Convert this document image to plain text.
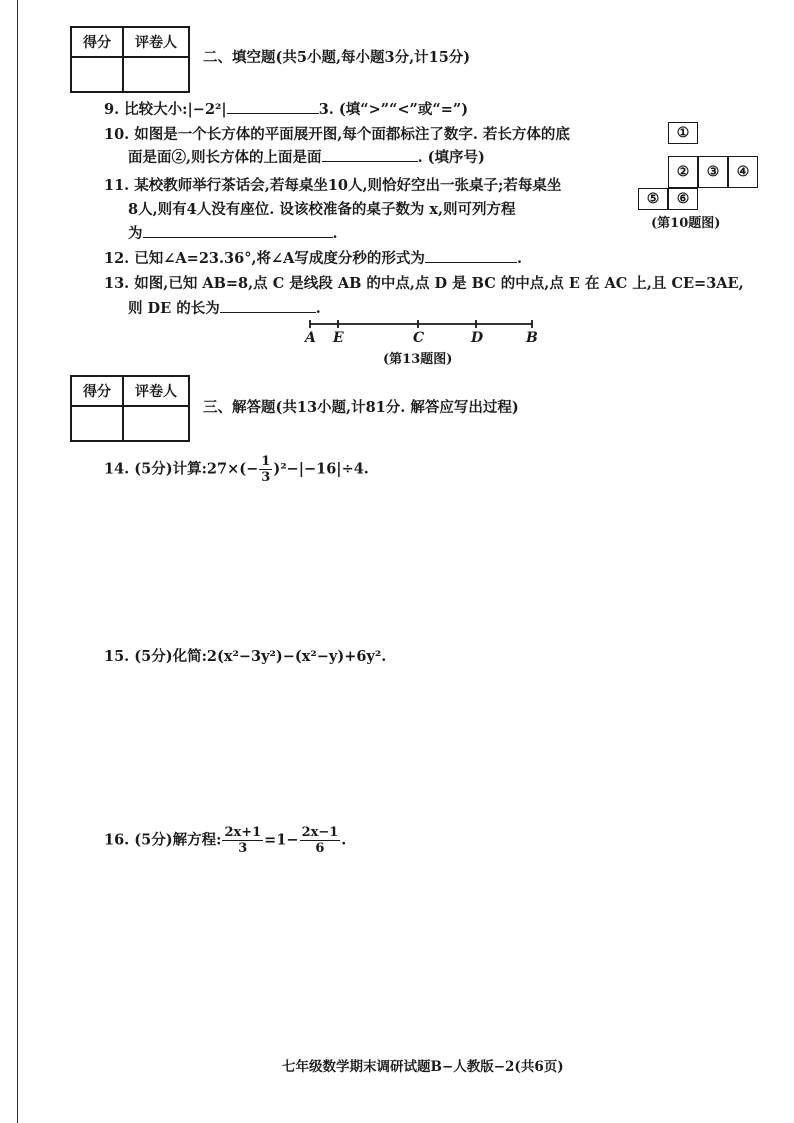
得分	评卷人

二、填空题(共5小题,每小题3分,计15分)
9. 比较大小:|−2²|	3. (填“>”“<”或“=”)
10. 如图是一个长方体的平面展开图,每个面都标注了数字. 若长方体的底
面是面②,则长方体的上面是面	. (填序号)
①
②	③	④
⑤	⑥
(第10题图)
11. 某校教师举行茶话会,若每桌坐10人,则恰好空出一张桌子;若每桌坐
8人,则有4人没有座位. 设该校准备的桌子数为 x,则可列方程
为	.
12. 已知∠A=23.36°,将∠A写成度分秒的形式为	.
13. 如图,已知 AB=8,点 C 是线段 AB 的中点,点 D 是 BC 的中点,点 E 在 AC 上,且 CE=3AE,
则 DE 的长为	.
A E	C	D	B
(第13题图)
得分	评卷人

三、解答题(共13小题,计81分. 解答应写出过程)
14. (5分)计算:27×(− $\frac{1}{3} )^2-|-16|\div 4$.
15. (5分)化简:2(x²−3y²)−(x²−y)+6y².
16. (5分)解方程: $\frac{2x+1}{3} =1- \frac{2x-1}{6}$ .
七年级数学期末调研试题B−人教版−2(共6页)
